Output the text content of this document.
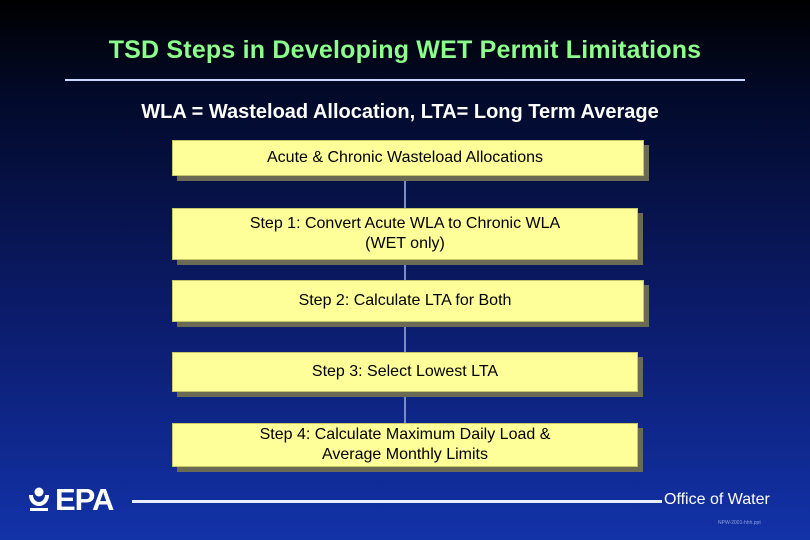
TSD Steps in Developing WET Permit Limitations
WLA = Wasteload Allocation, LTA= Long Term Average
Acute & Chronic Wasteload Allocations
Step 1: Convert Acute WLA to Chronic WLA
(WET only)
Step 2: Calculate LTA for Both
Step 3: Select Lowest LTA
Step 4: Calculate Maximum Daily Load &
Average Monthly Limits
EPA	Office of Water
NPW-2001-hhh.ppt
